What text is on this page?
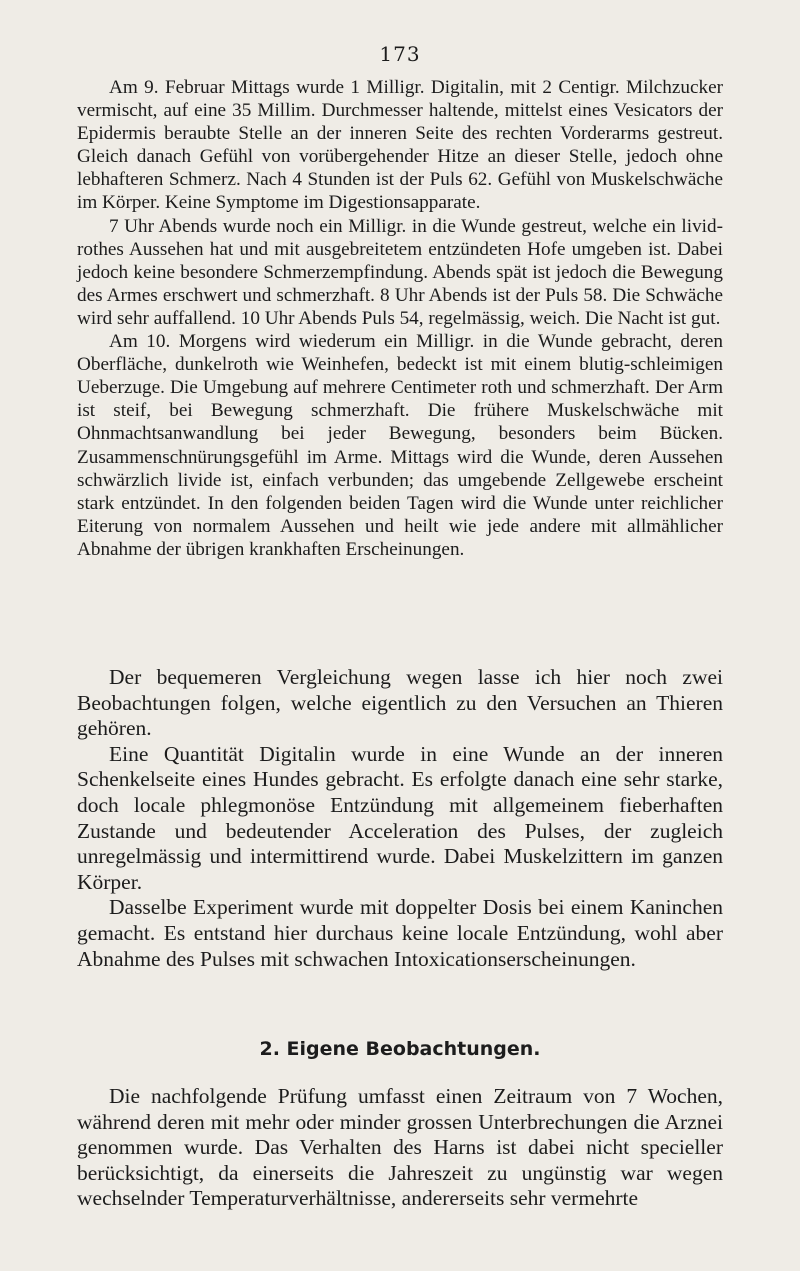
173

Am 9. Februar Mittags wurde 1 Milligr. Digitalin, mit 2 Centigr. Milchzucker vermischt, auf eine 35 Millim. Durchmesser haltende, mittelst eines Vesicators der Epidermis beraubte Stelle an der inneren Seite des rechten Vorderarms gestreut. Gleich danach Gefühl von vorübergehender Hitze an dieser Stelle, jedoch ohne lebhafteren Schmerz. Nach 4 Stunden ist der Puls 62. Gefühl von Muskelschwäche im Körper. Keine Symptome im Digestionsapparate.

7 Uhr Abends wurde noch ein Milligr. in die Wunde gestreut, welche ein livid-rothes Aussehen hat und mit ausgebreitetem entzündeten Hofe umgeben ist. Dabei jedoch keine besondere Schmerzempfindung. Abends spät ist jedoch die Bewegung des Armes erschwert und schmerzhaft. 8 Uhr Abends ist der Puls 58. Die Schwäche wird sehr auffallend. 10 Uhr Abends Puls 54, regelmässig, weich. Die Nacht ist gut.

Am 10. Morgens wird wiederum ein Milligr. in die Wunde gebracht, deren Oberfläche, dunkelroth wie Weinhefen, bedeckt ist mit einem blutig-schleimigen Ueberzuge. Die Umgebung auf mehrere Centimeter roth und schmerzhaft. Der Arm ist steif, bei Bewegung schmerzhaft. Die frühere Muskelschwäche mit Ohnmachtsanwandlung bei jeder Bewegung, besonders beim Bücken. Zusammenschnürungsgefühl im Arme. Mittags wird die Wunde, deren Aussehen schwärzlich livide ist, einfach verbunden; das umgebende Zellgewebe erscheint stark entzündet. In den folgenden beiden Tagen wird die Wunde unter reichlicher Eiterung von normalem Aussehen und heilt wie jede andere mit allmählicher Abnahme der übrigen krankhaften Erscheinungen.

Der bequemeren Vergleichung wegen lasse ich hier noch zwei Beobachtungen folgen, welche eigentlich zu den Versuchen an Thieren gehören.

Eine Quantität Digitalin wurde in eine Wunde an der inneren Schenkelseite eines Hundes gebracht. Es erfolgte danach eine sehr starke, doch locale phlegmonöse Entzündung mit allgemeinem fieberhaften Zustande und bedeutender Acceleration des Pulses, der zugleich unregelmässig und intermittirend wurde. Dabei Muskelzittern im ganzen Körper.

Dasselbe Experiment wurde mit doppelter Dosis bei einem Kaninchen gemacht. Es entstand hier durchaus keine locale Entzündung, wohl aber Abnahme des Pulses mit schwachen Intoxicationserscheinungen.

2. Eigene Beobachtungen.

Die nachfolgende Prüfung umfasst einen Zeitraum von 7 Wochen, während deren mit mehr oder minder grossen Unterbrechungen die Arznei genommen wurde. Das Verhalten des Harns ist dabei nicht specieller berücksichtigt, da einerseits die Jahreszeit zu ungünstig war wegen wechselnder Temperaturverhältnisse, andererseits sehr vermehrte
